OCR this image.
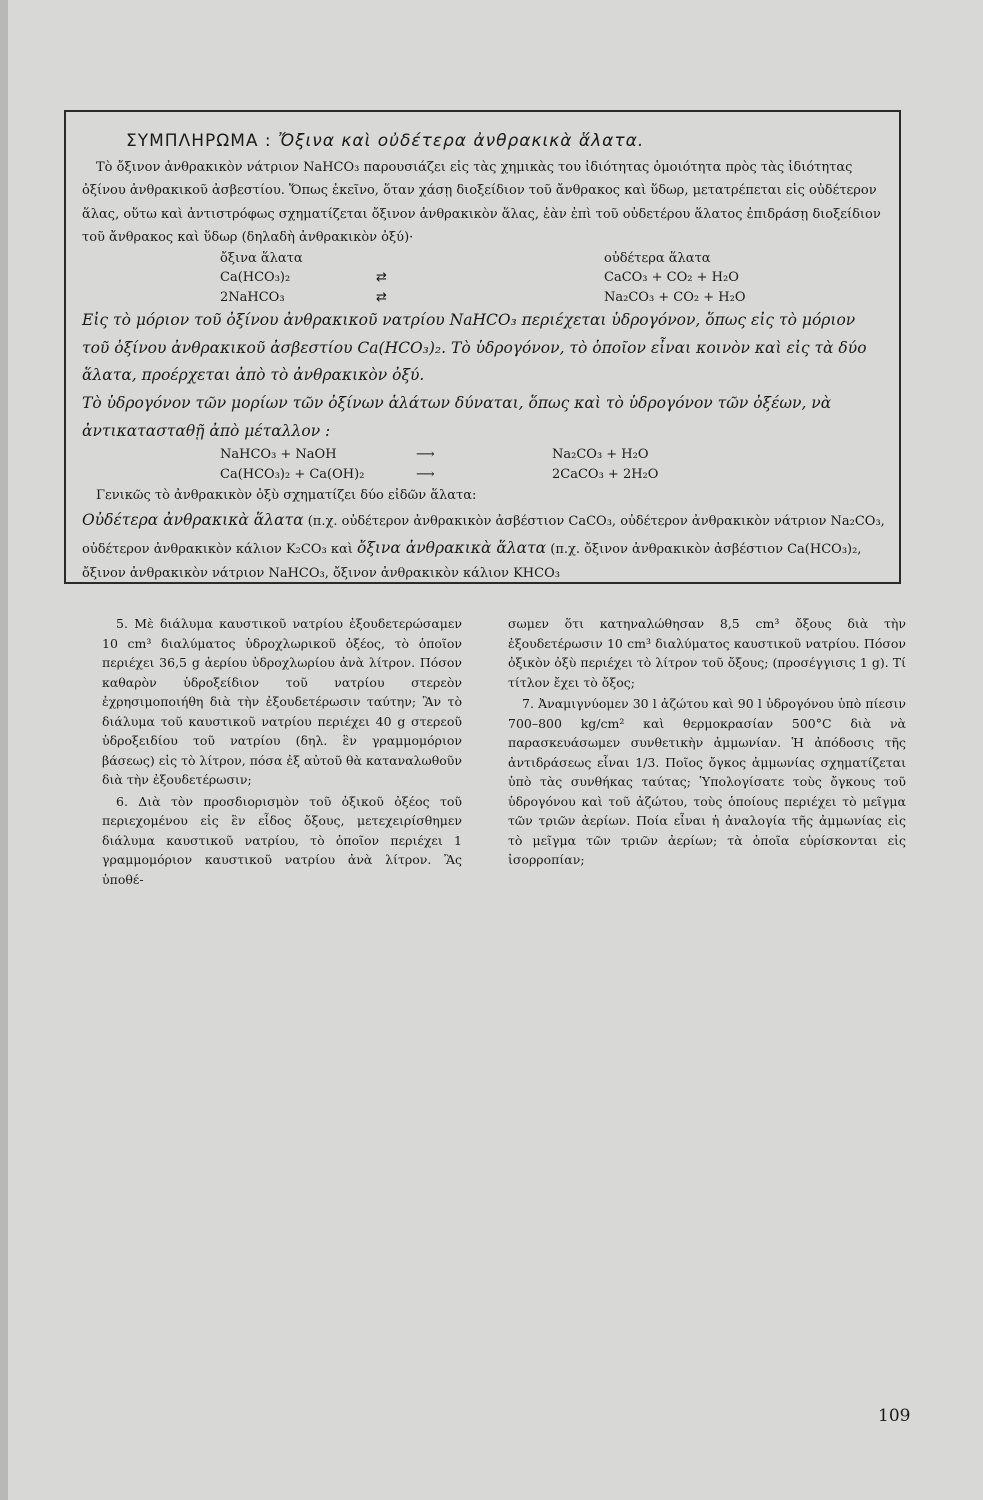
ΣΥΜΠΛΗΡΩΜΑ : Ὄξινα καὶ οὐδέτερα ἀνθρακικὰ ἅλατα.

Τὸ ὄξινον ἀνθρακικὸν νάτριον NaHCO₃ παρουσιάζει εἰς τὰς χημικὰς του ἰδιότητας ὁμοιότητα πρὸς τὰς ἰδιότητας ὀξίνου ἀνθρακικοῦ ἀσβεστίου. Ὅπως ἐκεῖνο, ὅταν χάσῃ διοξείδιον τοῦ ἄνθρακος καὶ ὕδωρ, μετατρέπεται εἰς οὐδέτερον ἅλας, οὕτω καὶ ἀντιστρόφως σχηματίζεται ὄξινον ἀνθρακικὸν ἅλας, ἐὰν ἐπὶ τοῦ οὐδετέρου ἅλατος ἐπιδράσῃ διοξείδιον τοῦ ἄνθρακος καὶ ὕδωρ (δηλαδὴ ἀνθρακικὸν ὀξύ)·

ὄξινα ἅλατα	οὐδέτερα ἅλατα
Ca(HCO₃)₂	⇄	CaCO₃ + CO₂ + H₂O
2NaHCO₃	⇄	Na₂CO₃ + CO₂ + H₂O

Εἰς τὸ μόριον τοῦ ὀξίνου ἀνθρακικοῦ νατρίου NaHCO₃ περιέχεται ὑδρογόνον, ὅπως εἰς τὸ μόριον τοῦ ὀξίνου ἀνθρακικοῦ ἀσβεστίου Ca(HCO₃)₂. Τὸ ὑδρογόνον, τὸ ὁποῖον εἶναι κοινὸν καὶ εἰς τὰ δύο ἅλατα, προέρχεται ἀπὸ τὸ ἀνθρακικὸν ὀξύ.

Τὸ ὑδρογόνον τῶν μορίων τῶν ὀξίνων ἁλάτων δύναται, ὅπως καὶ τὸ ὑδρογόνον τῶν ὀξέων, νὰ ἀντικατασταθῇ ἀπὸ μέταλλον :

NaHCO₃ + NaOH	⟶	Na₂CO₃ + H₂O
Ca(HCO₃)₂ + Ca(OH)₂	⟶	2CaCO₃ + 2H₂O

Γενικῶς τὸ ἀνθρακικὸν ὀξὺ σχηματίζει δύο εἰδῶν ἅλατα:

Οὐδέτερα ἀνθρακικὰ ἅλατα (π.χ. οὐδέτερον ἀνθρακικὸν ἀσβέστιον CaCO₃, οὐδέτερον ἀνθρακικὸν νάτριον Na₂CO₃, οὐδέτερον ἀνθρακικὸν κάλιον K₂CO₃ καὶ ὄξινα ἀνθρακικὰ ἅλατα (π.χ. ὄξινον ἀνθρακικὸν ἀσβέστιον Ca(HCO₃)₂, ὄξινον ἀνθρακικὸν νάτριον NaHCO₃, ὄξινον ἀνθρακικὸν κάλιον KHCO₃

5. Μὲ διάλυμα καυστικοῦ νατρίου ἐξουδετερώσαμεν 10 cm³ διαλύματος ὑδροχλωρικοῦ ὀξέος, τὸ ὁποῖον περιέχει 36,5 g ἀερίου ὑδροχλωρίου ἀνὰ λίτρον. Πόσον καθαρὸν ὑδροξείδιον τοῦ νατρίου στερεὸν ἐχρησιμοποιήθη διὰ τὴν ἐξουδετέρωσιν ταύτην; Ἂν τὸ διάλυμα τοῦ καυστικοῦ νατρίου περιέχει 40 g στερεοῦ ὑδροξειδίου τοῦ νατρίου (δηλ. ἓν γραμμομόριον βάσεως) εἰς τὸ λίτρον, πόσα ἐξ αὐτοῦ θὰ καταναλωθοῦν διὰ τὴν ἐξουδετέρωσιν;

6. Διὰ τὸν προσδιορισμὸν τοῦ ὀξικοῦ ὀξέος τοῦ περιεχομένου εἰς ἓν εἶδος ὄξους, μετεχειρίσθημεν διάλυμα καυστικοῦ νατρίου, τὸ ὁποῖον περιέχει 1 γραμμομόριον καυστικοῦ νατρίου ἀνὰ λίτρον. Ἂς ὑποθέ-

σωμεν ὅτι κατηναλώθησαν 8,5 cm³ ὄξους διὰ τὴν ἐξουδετέρωσιν 10 cm³ διαλύματος καυστικοῦ νατρίου. Πόσον ὀξικὸν ὀξὺ περιέχει τὸ λίτρον τοῦ ὄξους; (προσέγγισις 1 g). Τί τίτλον ἔχει τὸ ὄξος;

7. Ἀναμιγνύομεν 30 l ἀζώτου καὶ 90 l ὑδρογόνου ὑπὸ πίεσιν 700–800 kg/cm² καὶ θερμοκρασίαν 500°C διὰ νὰ παρασκευάσωμεν συνθετικὴν ἀμμωνίαν. Ἡ ἀπόδοσις τῆς ἀντιδράσεως εἶναι 1/3. Ποῖος ὄγκος ἀμμωνίας σχηματίζεται ὑπὸ τὰς συνθήκας ταύτας; Ὑπολογίσατε τοὺς ὄγκους τοῦ ὑδρογόνου καὶ τοῦ ἀζώτου, τοὺς ὁποίους περιέχει τὸ μεῖγμα τῶν τριῶν ἀερίων. Ποία εἶναι ἡ ἀναλογία τῆς ἀμμωνίας εἰς τὸ μεῖγμα τῶν τριῶν ἀερίων; τὰ ὁποῖα εὑρίσκονται εἰς ἰσορροπίαν;

109
